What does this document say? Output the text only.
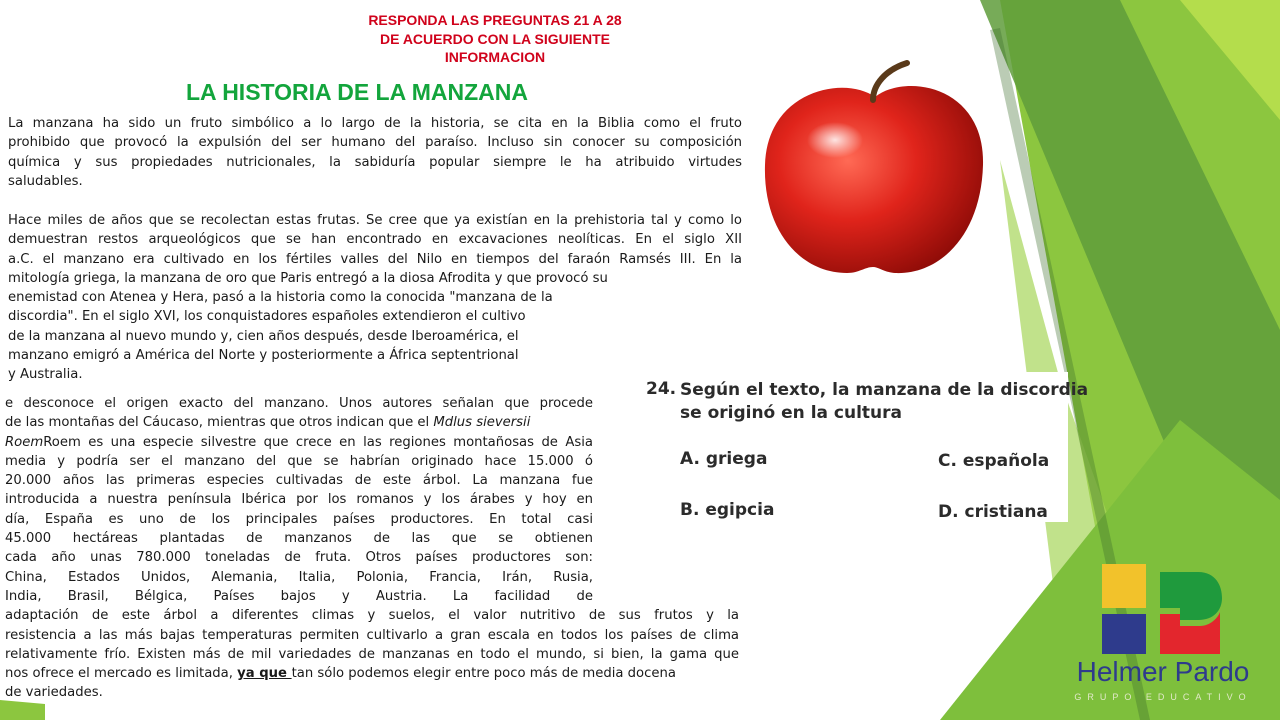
RESPONDA LAS PREGUNTAS 21 A 28
DE ACUERDO CON LA SIGUIENTE
INFORMACION
LA HISTORIA DE LA MANZANA

La manzana ha sido un fruto simbólico a lo largo de la historia, se cita en la Biblia como el fruto
prohibido que provocó la expulsión del ser humano del paraíso. Incluso sin conocer su composición
química y sus propiedades nutricionales, la sabiduría popular siempre le ha atribuido virtudes
saludables.

Hace miles de años que se recolectan estas frutas. Se cree que ya existían en la prehistoria tal y como lo
demuestran restos arqueológicos que se han encontrado en excavaciones neolíticas. En el siglo XII
a.C. el manzano era cultivado en los fértiles valles del Nilo en tiempos del faraón Ramsés III. En la
mitología griega, la manzana de oro que Paris entregó a la diosa Afrodita y que provocó su
enemistad con Atenea y Hera, pasó a la historia como la conocida "manzana de la
discordia". En el siglo XVI, los conquistadores españoles extendieron el cultivo
de la manzana al nuevo mundo y, cien años después, desde Iberoamérica, el
manzano emigró a América del Norte y posteriormente a África septentrional
y Australia.

e desconoce el origen exacto del manzano. Unos autores señalan que procede
de las montañas del Cáucaso, mientras que otros indican que el Mdlus sieversii
RoemRoem es una especie silvestre que crece en las regiones montañosas de Asia
media y podría ser el manzano del que se habrían originado hace 15.000 ó
20.000 años las primeras especies cultivadas de este árbol. La manzana fue
introducida a nuestra península Ibérica por los romanos y los árabes y hoy en
día, España es uno de los principales países productores. En total casi
45.000 hectáreas plantadas de manzanos de las que se obtienen
cada año unas 780.000 toneladas de fruta. Otros países productores son:
China, Estados Unidos, Alemania, Italia, Polonia, Francia, Irán, Rusia,
India, Brasil, Bélgica, Países bajos y Austria. La facilidad de
adaptación de este árbol a diferentes climas y suelos, el valor nutritivo de sus frutos y la
resistencia a las más bajas temperaturas permiten cultivarlo a gran escala en todos los países de clima
relativamente frío. Existen más de mil variedades de manzanas en todo el mundo, si bien, la gama que
nos ofrece el mercado es limitada, ya que tan sólo podemos elegir entre poco más de media docena
de variedades.
24. Según el texto, la manzana de la discordia
se originó en la cultura
A. griega
B. egipcia
C. española
D. cristiana
Helmer Pardo
GRUPO EDUCATIVO
